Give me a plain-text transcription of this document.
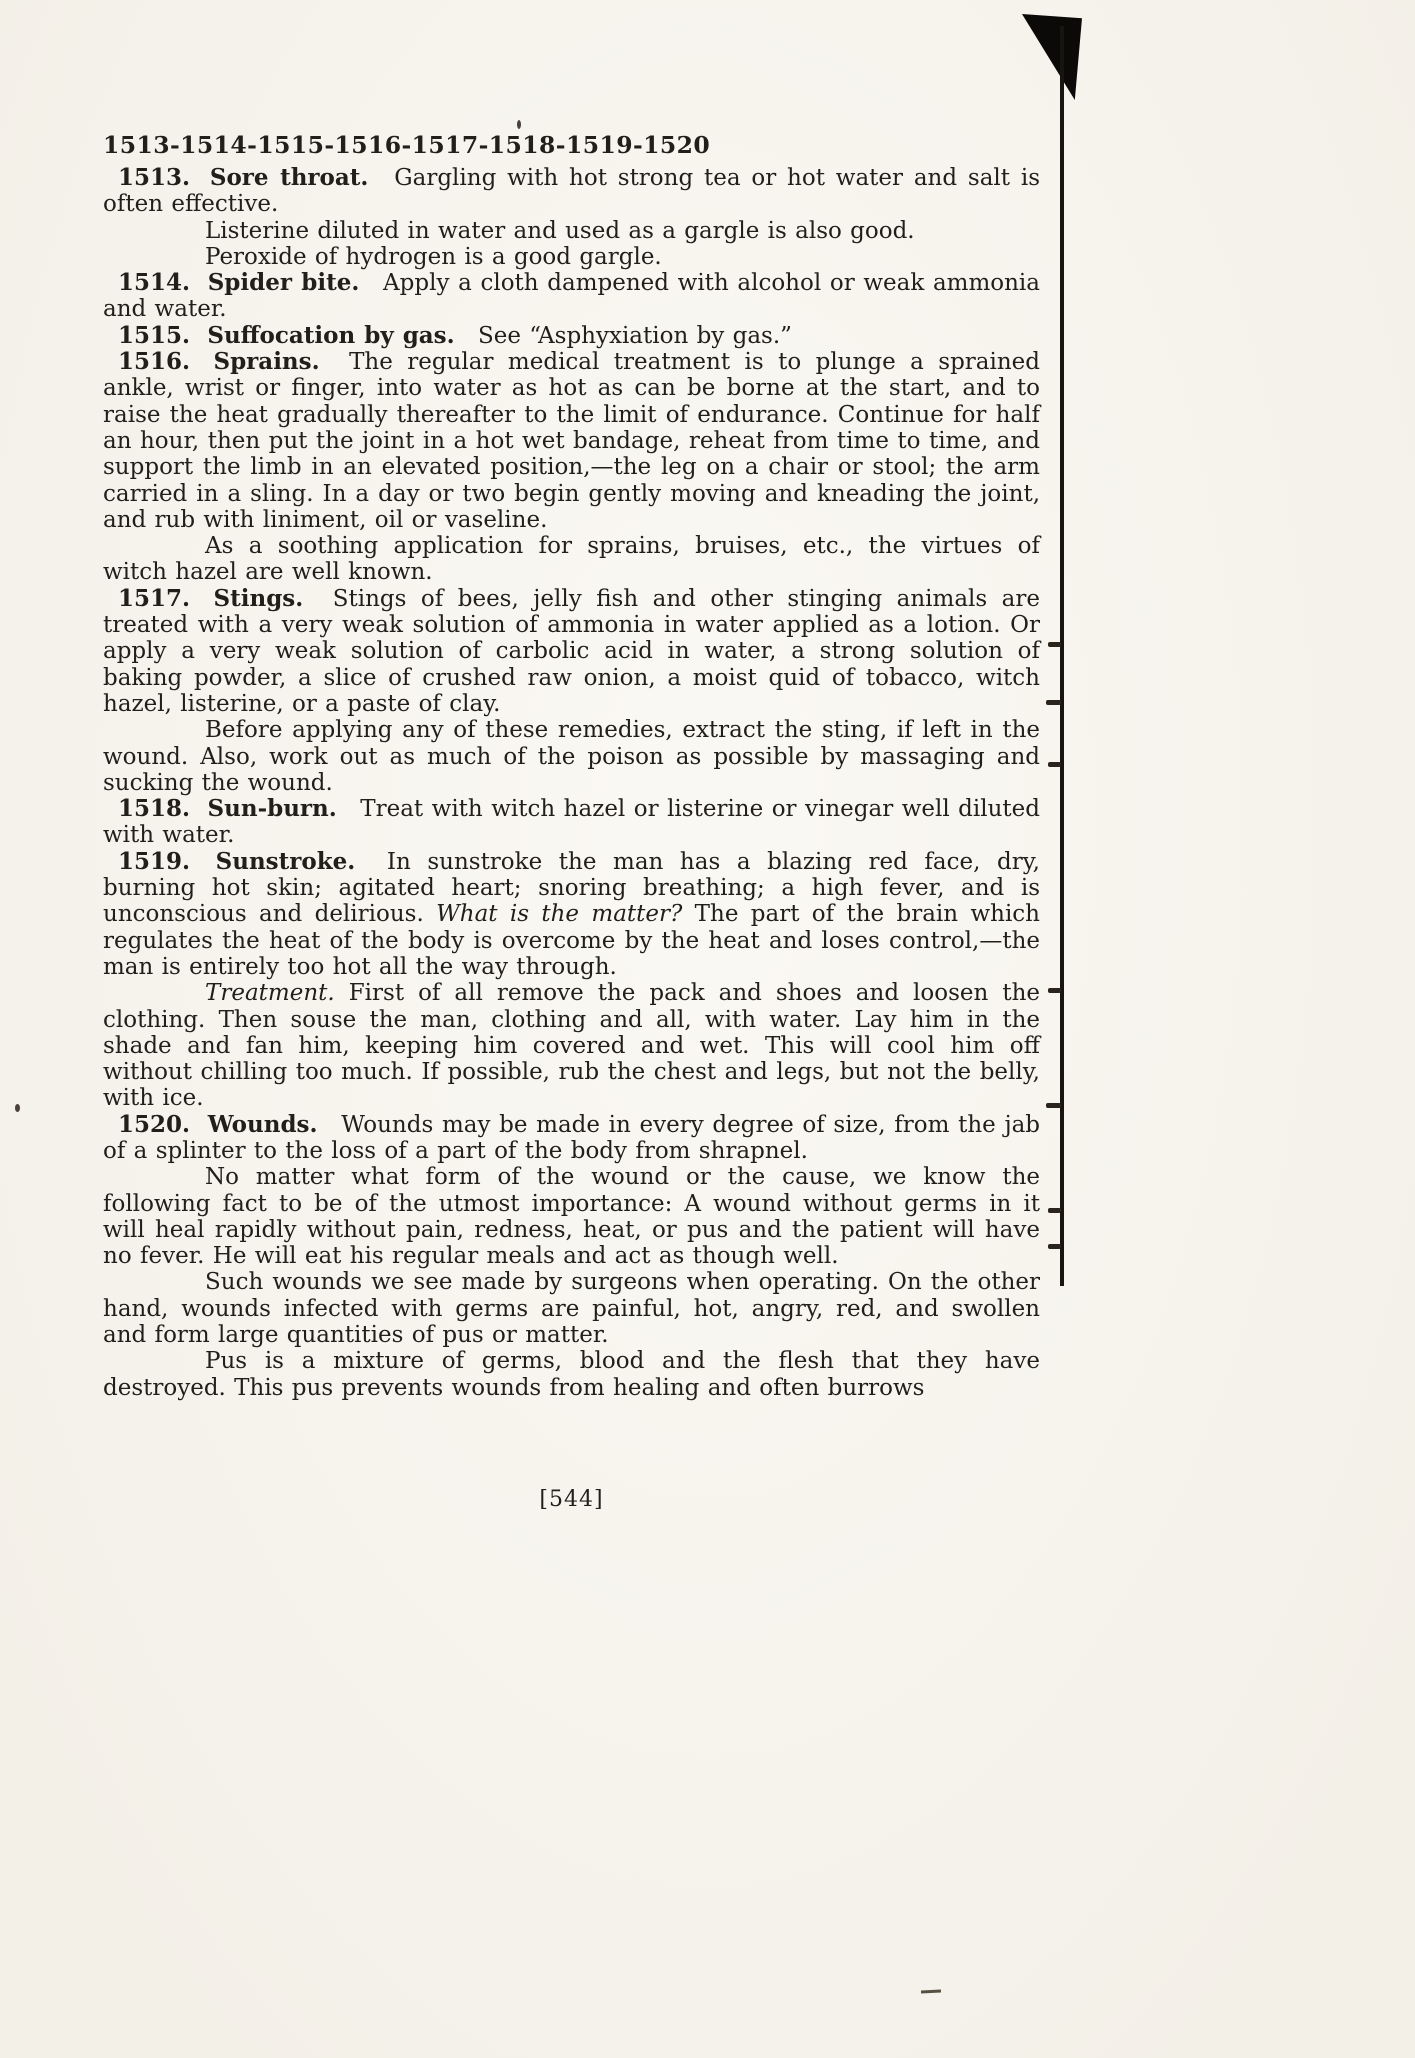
1513-1514-1515-1516-1517-1518-1519-1520

1513. Sore throat. Gargling with hot strong tea or hot water and salt is often effective.

Listerine diluted in water and used as a gargle is also good.

Peroxide of hydrogen is a good gargle.

1514. Spider bite. Apply a cloth dampened with alcohol or weak ammonia and water.

1515. Suffocation by gas. See “Asphyxiation by gas.”

1516. Sprains. The regular medical treatment is to plunge a sprained ankle, wrist or finger, into water as hot as can be borne at the start, and to raise the heat gradually thereafter to the limit of endurance. Continue for half an hour, then put the joint in a hot wet bandage, reheat from time to time, and support the limb in an elevated position,—the leg on a chair or stool; the arm carried in a sling. In a day or two begin gently moving and kneading the joint, and rub with liniment, oil or vaseline.

As a soothing application for sprains, bruises, etc., the virtues of witch hazel are well known.

1517. Stings. Stings of bees, jelly fish and other stinging animals are treated with a very weak solution of ammonia in water applied as a lotion. Or apply a very weak solution of carbolic acid in water, a strong solution of baking powder, a slice of crushed raw onion, a moist quid of tobacco, witch hazel, listerine, or a paste of clay.

Before applying any of these remedies, extract the sting, if left in the wound. Also, work out as much of the poison as possible by massaging and sucking the wound.

1518. Sun-burn. Treat with witch hazel or listerine or vinegar well diluted with water.

1519. Sunstroke. In sunstroke the man has a blazing red face, dry, burning hot skin; agitated heart; snoring breathing; a high fever, and is unconscious and delirious. What is the matter? The part of the brain which regulates the heat of the body is overcome by the heat and loses control,—the man is entirely too hot all the way through.

Treatment. First of all remove the pack and shoes and loosen the clothing. Then souse the man, clothing and all, with water. Lay him in the shade and fan him, keeping him covered and wet. This will cool him off without chilling too much. If possible, rub the chest and legs, but not the belly, with ice.

1520. Wounds. Wounds may be made in every degree of size, from the jab of a splinter to the loss of a part of the body from shrapnel.

No matter what form of the wound or the cause, we know the following fact to be of the utmost importance: A wound without germs in it will heal rapidly without pain, redness, heat, or pus and the patient will have no fever. He will eat his regular meals and act as though well.

Such wounds we see made by surgeons when operating. On the other hand, wounds infected with germs are painful, hot, angry, red, and swollen and form large quantities of pus or matter.

Pus is a mixture of germs, blood and the flesh that they have destroyed. This pus prevents wounds from healing and often burrows

[544]
